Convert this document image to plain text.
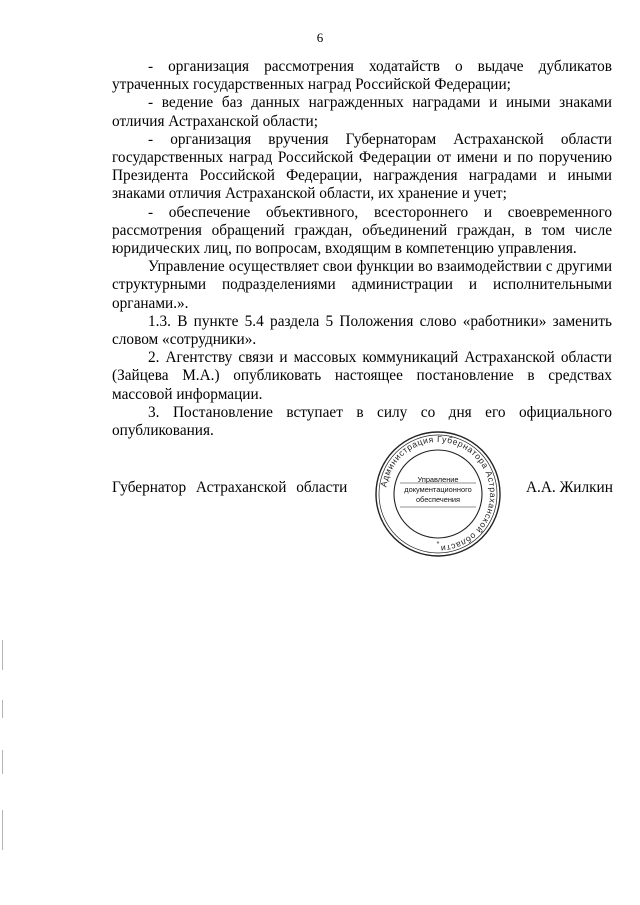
6

- организация рассмотрения ходатайств о выдаче дубликатов утраченных государственных наград Российской Федерации;

- ведение баз данных награжденных наградами и иными знаками отличия Астраханской области;

- организация вручения Губернаторам Астраханской области государственных наград Российской Федерации от имени и по поручению Президента Российской Федерации, награждения наградами и иными знаками отличия Астраханской области, их хранение и учет;

- обеспечение объективного, всестороннего и своевременного рассмотрения обращений граждан, объединений граждан, в том числе юридических лиц, по вопросам, входящим в компетенцию управления.

Управление осуществляет свои функции во взаимодействии с другими структурными подразделениями администрации и исполнительными органами.».

1.3. В пункте 5.4 раздела 5 Положения слово «работники» заменить словом «сотрудники».

2. Агентству связи и массовых коммуникаций Астраханской области (Зайцева М.А.) опубликовать настоящее постановление в средствах массовой информации.

3. Постановление вступает в силу со дня его официального опубликования.

Губернатор Астраханской области	Администрация Губернатора Астраханской области
*
Управление
документационного
обеспечения
А.А. Жилкин
